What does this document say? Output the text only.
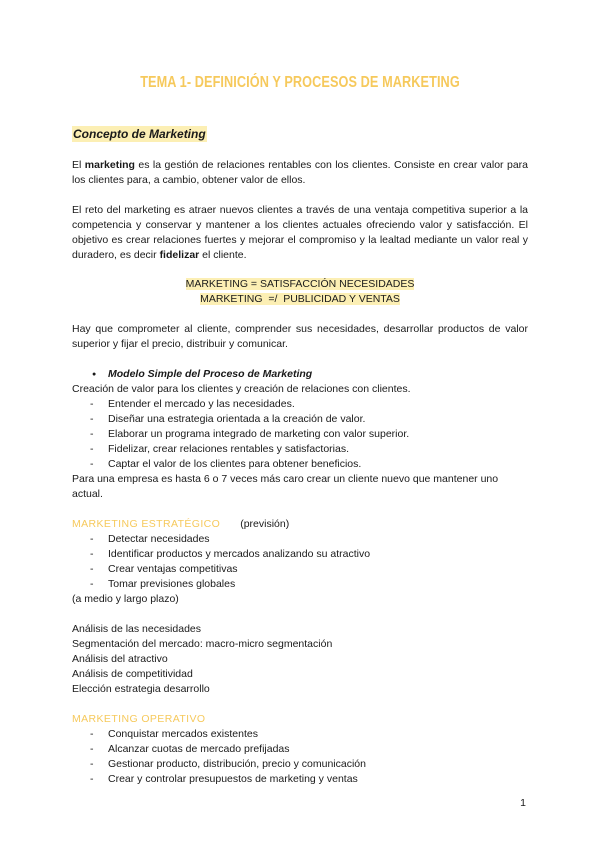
TEMA 1- DEFINICIÓN Y PROCESOS DE MARKETING
Concepto de Marketing

El marketing es la gestión de relaciones rentables con los clientes. Consiste en crear valor para los clientes para, a cambio, obtener valor de ellos.

El reto del marketing es atraer nuevos clientes a través de una ventaja competitiva superior a la competencia y conservar y mantener a los clientes actuales ofreciendo valor y satisfacción. El objetivo es crear relaciones fuertes y mejorar el compromiso y la lealtad mediante un valor real y duradero, es decir fidelizar el cliente.

MARKETING = SATISFACCIÓN NECESIDADES
MARKETING  =/  PUBLICIDAD Y VENTAS

Hay que comprometer al cliente, comprender sus necesidades, desarrollar productos de valor superior y fijar el precio, distribuir y comunicar.

● Modelo Simple del Proceso de Marketing

Creación de valor para los clientes y creación de relaciones con clientes.

- Entender el mercado y las necesidades.
- Diseñar una estrategia orientada a la creación de valor.
- Elaborar un programa integrado de marketing con valor superior.
- Fidelizar, crear relaciones rentables y satisfactorias.
- Captar el valor de los clientes para obtener beneficios.

Para una empresa es hasta 6 o 7 veces más caro crear un cliente nuevo que mantener uno actual.

MARKETING ESTRATÉGICO (previsión)
- Detectar necesidades
- Identificar productos y mercados analizando su atractivo
- Crear ventajas competitivas
- Tomar previsiones globales

(a medio y largo plazo)

Análisis de las necesidades
Segmentación del mercado: macro-micro segmentación
Análisis del atractivo
Análisis de competitividad
Elección estrategia desarrollo
MARKETING OPERATIVO
- Conquistar mercados existentes
- Alcanzar cuotas de mercado prefijadas
- Gestionar producto, distribución, precio y comunicación
- Crear y controlar presupuestos de marketing y ventas
1
